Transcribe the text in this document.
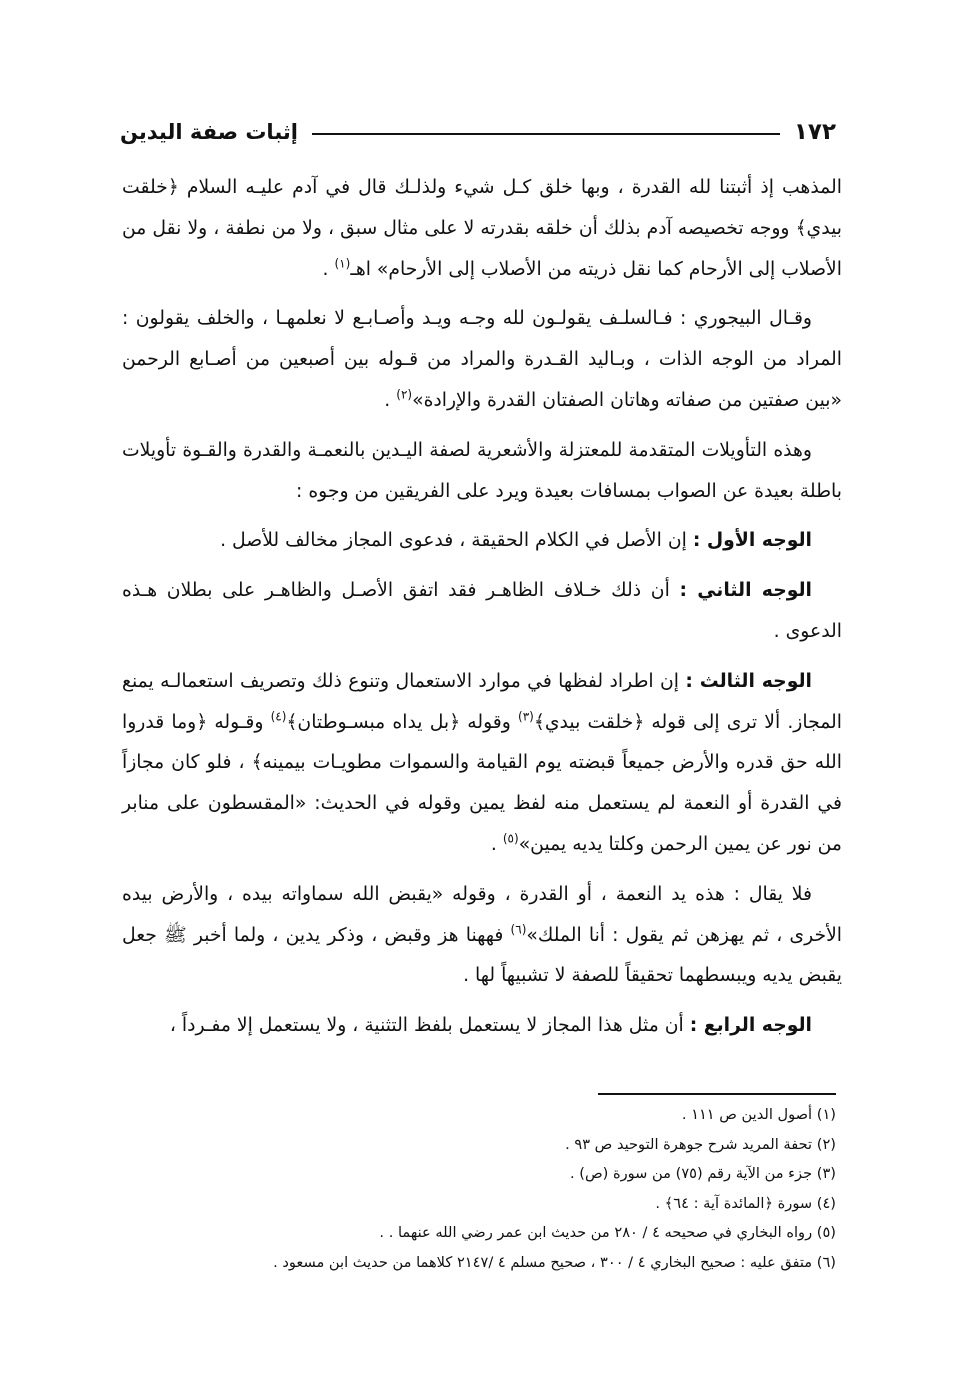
١٧٢
إثبات صفة اليدين

المذهب إذ أثبتنا لله القدرة ، وبها خلق كـل شيء ولذلـك قال في آدم عليـه السلام ﴿خلقت بيدي﴾ ووجه تخصيصه آدم بذلك أن خلقه بقدرته لا على مثال سبق ، ولا من نطفة ، ولا نقل من الأصلاب إلى الأرحام كما نقل ذريته من الأصلاب إلى الأرحام» اهـ$^{(١)}$ .

وقـال البيجوري : فـالسلـف يقولـون لله وجـه ويـد وأصـابـع لا نعلمهـا ، والخلف يقولون : المراد من الوجه الذات ، وبـاليد القـدرة والمراد من قـوله بين أصبعين من أصـابع الرحمن «بين صفتين من صفاته وهاتان الصفتان القدرة والإرادة»$^{(٢)}$ .

وهذه التأويلات المتقدمة للمعتزلة والأشعرية لصفة اليـدين بالنعمـة والقدرة والقـوة تأويلات باطلة بعيدة عن الصواب بمسافات بعيدة ويرد على الفريقين من وجوه :

الوجه الأول : إن الأصل في الكلام الحقيقة ، فدعوى المجاز مخالف للأصل .

الوجه الثاني : أن ذلك خـلاف الظاهـر فقد اتفق الأصـل والظاهـر على بطلان هـذه الدعوى .

الوجه الثالث : إن اطراد لفظها في موارد الاستعمال وتنوع ذلك وتصريف استعمالـه يمنع المجاز. ألا ترى إلى قوله ﴿خلقت بيدي﴾$^{(٣)}$ وقوله ﴿بل يداه مبسـوطتان﴾$^{(٤)}$ وقـوله ﴿وما قدروا الله حق قدره والأرض جميعاً قبضته يوم القيامة والسموات مطويـات بيمينه﴾ ، فلو كان مجازاً في القدرة أو النعمة لم يستعمل منه لفظ يمين وقوله في الحديث: «المقسطون على منابر من نور عن يمين الرحمن وكلتا يديه يمين»$^{(٥)}$ .

فلا يقال : هذه يد النعمة ، أو القدرة ، وقوله «يقبض الله سماواته بيده ، والأرض بيده الأخرى ، ثم يهزهن ثم يقول : أنا الملك»$^{(٦)}$ فههنا هز وقبض ، وذكر يدين ، ولما أخبر ﷺ جعل يقبض يديه ويبسطهما تحقيقاً للصفة لا تشبيهاً لها .

الوجه الرابع : أن مثل هذا المجاز لا يستعمل بلفظ التثنية ، ولا يستعمل إلا مفـرداً ،

(١) أصول الدين ص ١١١ .
(٢) تحفة المريد شرح جوهرة التوحيد ص ٩٣ .
(٣) جزء من الآية رقم (٧٥) من سورة (ص) .
(٤) سورة ﴿المائدة آية : ٦٤﴾ .
(٥) رواه البخاري في صحيحه ٤ / ٢٨٠ من حديث ابن عمر رضي الله عنهما . .
(٦) متفق عليه : صحيح البخاري ٤ / ٣٠٠ ، صحيح مسلم ٤ /٢١٤٧ كلاهما من حديث ابن مسعود .
